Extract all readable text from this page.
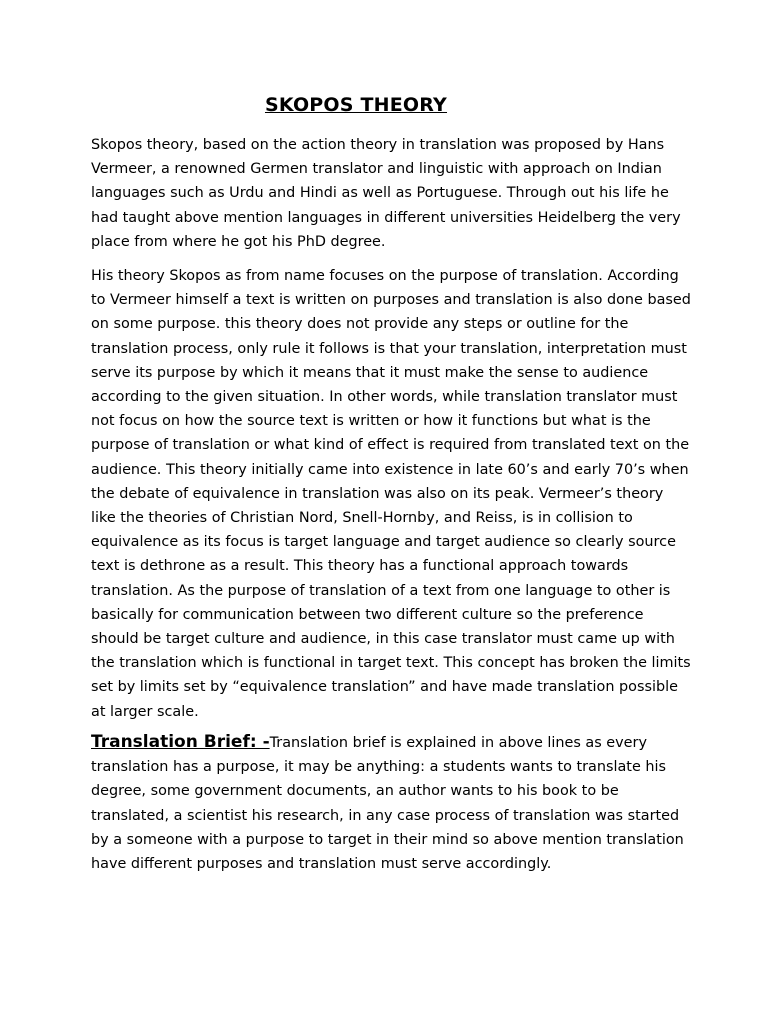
SKOPOS THEORY

Skopos theory, based on the action theory in translation was proposed by Hans Vermeer, a renowned Germen translator and linguistic with approach on Indian languages such as Urdu and Hindi as well as Portuguese. Through out his life he had taught above mention languages in different universities Heidelberg the very place from where he got his PhD degree.

His theory Skopos as from name focuses on the purpose of translation. According to Vermeer himself a text is written on purposes and translation is also done based on some purpose. this theory does not provide any steps or outline for the translation process, only rule it follows is that your translation, interpretation must serve its purpose by which it means that it must make the sense to audience according to the given situation. In other words, while translation translator must not focus on how the source text is written or how it functions but what is the purpose of translation or what kind of effect is required from translated text on the audience. This theory initially came into existence in late 60’s and early 70’s when the debate of equivalence in translation was also on its peak. Vermeer’s theory like the theories of Christian Nord, Snell-Hornby, and Reiss, is in collision to equivalence as its focus is target language and target audience so clearly source text is dethrone as a result. This theory has a functional approach towards translation. As the purpose of translation of a text from one language to other is basically for communication between two different culture so the preference should be target culture and audience, in this case translator must came up with the translation which is functional in target text. This concept has broken the limits set by limits set by “equivalence translation” and have made translation possible at larger scale.

Translation Brief: -Translation brief is explained in above lines as every translation has a purpose, it may be anything: a students wants to translate his degree, some government documents, an author wants to his book to be translated, a scientist his research, in any case process of translation was started by a someone with a purpose to target in their mind so above mention translation have different purposes and translation must serve accordingly.
